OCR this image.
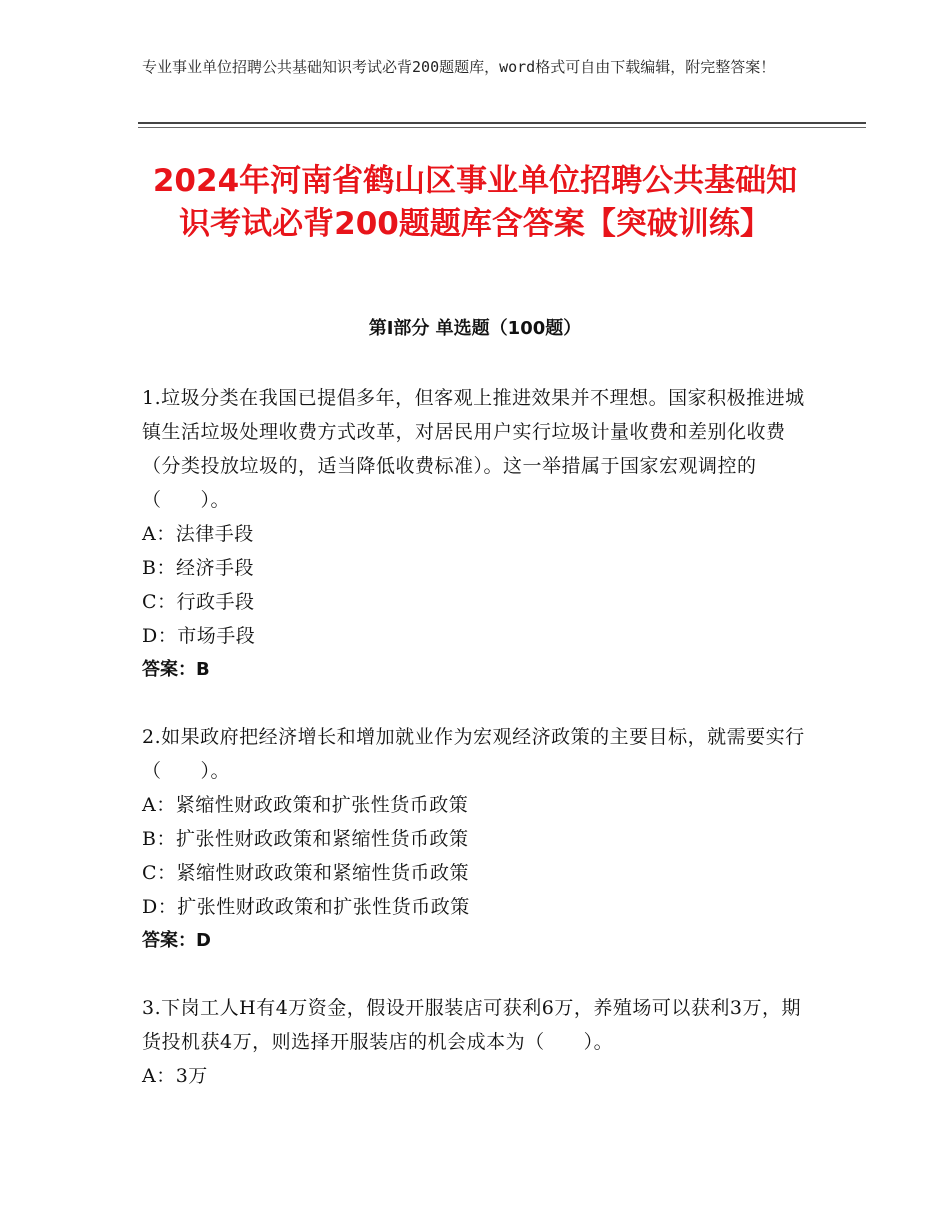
专业事业单位招聘公共基础知识考试必背200题题库，word格式可自由下载编辑，附完整答案！
2024年河南省鹤山区事业单位招聘公共基础知识考试必背200题题库含答案【突破训练】
第Ⅰ部分 单选题（100题）
1.垃圾分类在我国已提倡多年，但客观上推进效果并不理想。国家积极推进城镇生活垃圾处理收费方式改革，对居民用户实行垃圾计量收费和差别化收费（分类投放垃圾的，适当降低收费标准）。这一举措属于国家宏观调控的（　　）。
A：法律手段
B：经济手段
C：行政手段
D：市场手段
答案：B
2.如果政府把经济增长和增加就业作为宏观经济政策的主要目标，就需要实行（　　）。
A：紧缩性财政政策和扩张性货币政策
B：扩张性财政政策和紧缩性货币政策
C：紧缩性财政政策和紧缩性货币政策
D：扩张性财政政策和扩张性货币政策
答案：D
3.下岗工人H有4万资金，假设开服装店可获利6万，养殖场可以获利3万，期货投机获4万，则选择开服装店的机会成本为（　　）。
A：3万
